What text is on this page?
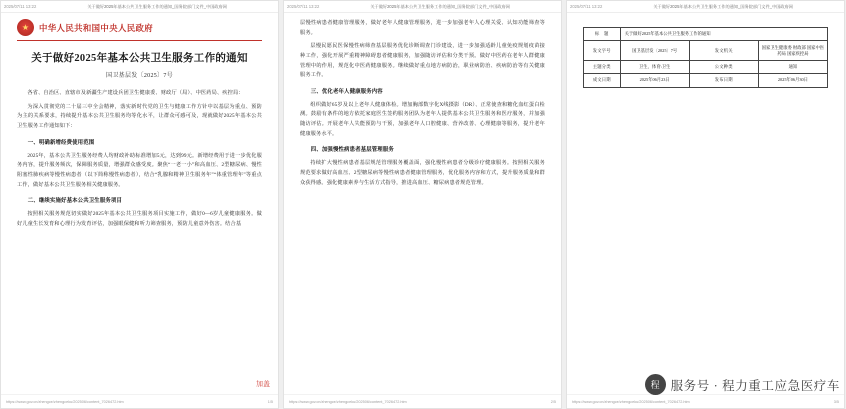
2025/07/11 13:22	关于做好2025年基本公共卫生服务工作的通知_国务院部门文件_中国政府网
★	中华人民共和国中央人民政府
关于做好2025年基本公共卫生服务工作的通知
国卫基层发〔2025〕7号

各省、自治区、直辖市及新疆生产建设兵团卫生健康委、财政厅（局）、中医药局、疾控局：

为深入贯彻党的二十届三中全会精神，落实新时代党的卫生与健康工作方针中以基层为重点、预防为主的关系要求，持续提升基本公共卫生服务均等化水平，让群众可感可及，现就做好2025年基本公共卫生服务工作通知如下：

一、明确新增经费使用范围

2025年，基本公共卫生服务经费人均财政补助标准增加5元，达到99元。新增经费用于进一步优化服务内容，提升服务频次，保障服务质量，增强群众感受度。聚焦“一老一小”和高血压、2型糖尿病、慢性阻塞性肺疾病等慢性病患者（以下简称慢性病患者），结合“乳腺和精神卫生服务年”“体重管理年”等重点工作，做好基本公共卫生服务相关健康服务。

二、继续实施好基本公共卫生服务项目

按照相关服务规范切实做好2025年基本公共卫生服务项目实施工作，做好0—6岁儿童健康服务。做好儿童生长发育和心理行为发育评估，加强眼保健和听力筛查服务，预防儿童意外伤害。结合基

加盖
https://www.gov.cn/zhengce/zhengceku/202506/content_7026472.htm	1/5
2025/07/11 13:22	关于做好2025年基本公共卫生服务工作的通知_国务院部门文件_中国政府网

层慢性病患者健康管理服务，做好老年人健康管理服务，进一步加强老年人心理关爱、认知功能筛查等服务。

层慢民愿民医保慢性病筛查基层服务优化诊断调查门诊建设，进一步加强适龄儿童免疫规划疫苗接种工作，强化开展严重精神障碍患者健康服务，加强随访评估和分类干预。做好中医药在老年人群健康管理中的作用，规范化中医药健康服务。继续做好重点地方病防治，职业病防治、疾病防治等有关健康服务工作。

三、优化老年人健康服务内容

组织做好65岁及以上老年人健康体检。增加胸部数字化X线摄影（DR）、正常使查和糖化血红蛋白检测。鼓励有条件的地方依托家庭医生签约服务团队为老年人提供基本公共卫生服务和医疗服务，并加强随访评估。开展老年人失能预防与干预，加强老年人口腔健康、营养改善、心理健康等服务，提升老年健康服务水平。

四、加强慢性病患者基层管理服务

持续扩大慢性病患者基层规范管理服务覆盖面，强化慢性病患者分级诊疗健康服务。按照相关服务规范要求做好高血压、2型糖尿病等慢性病患者健康管理服务，优化服务内容和方式，提升服务质量和群众获得感。强化健康素养与生活方式指导，推进高血压、糖尿病患者规范管理。

https://www.gov.cn/zhengce/zhengceku/202506/content_7026472.htm	2/5
2025/07/11 13:22	关于做好2025年基本公共卫生服务工作的通知_国务院部门文件_中国政府网
标　题	关于做好2025年基本公共卫生服务工作的通知		
发文字号	国卫基层发〔2025〕7号	发文机关	国家卫生健康委 财政部 国家中医药局 国家疾控局
主题分类	卫生、体育\卫生	公文种类	通知
成文日期	2025年06月23日	发布日期	2025年06月30日
https://www.gov.cn/zhengce/zhengceku/202506/content_7026472.htm	3/5
程 服务号 · 程力重工应急医疗车
